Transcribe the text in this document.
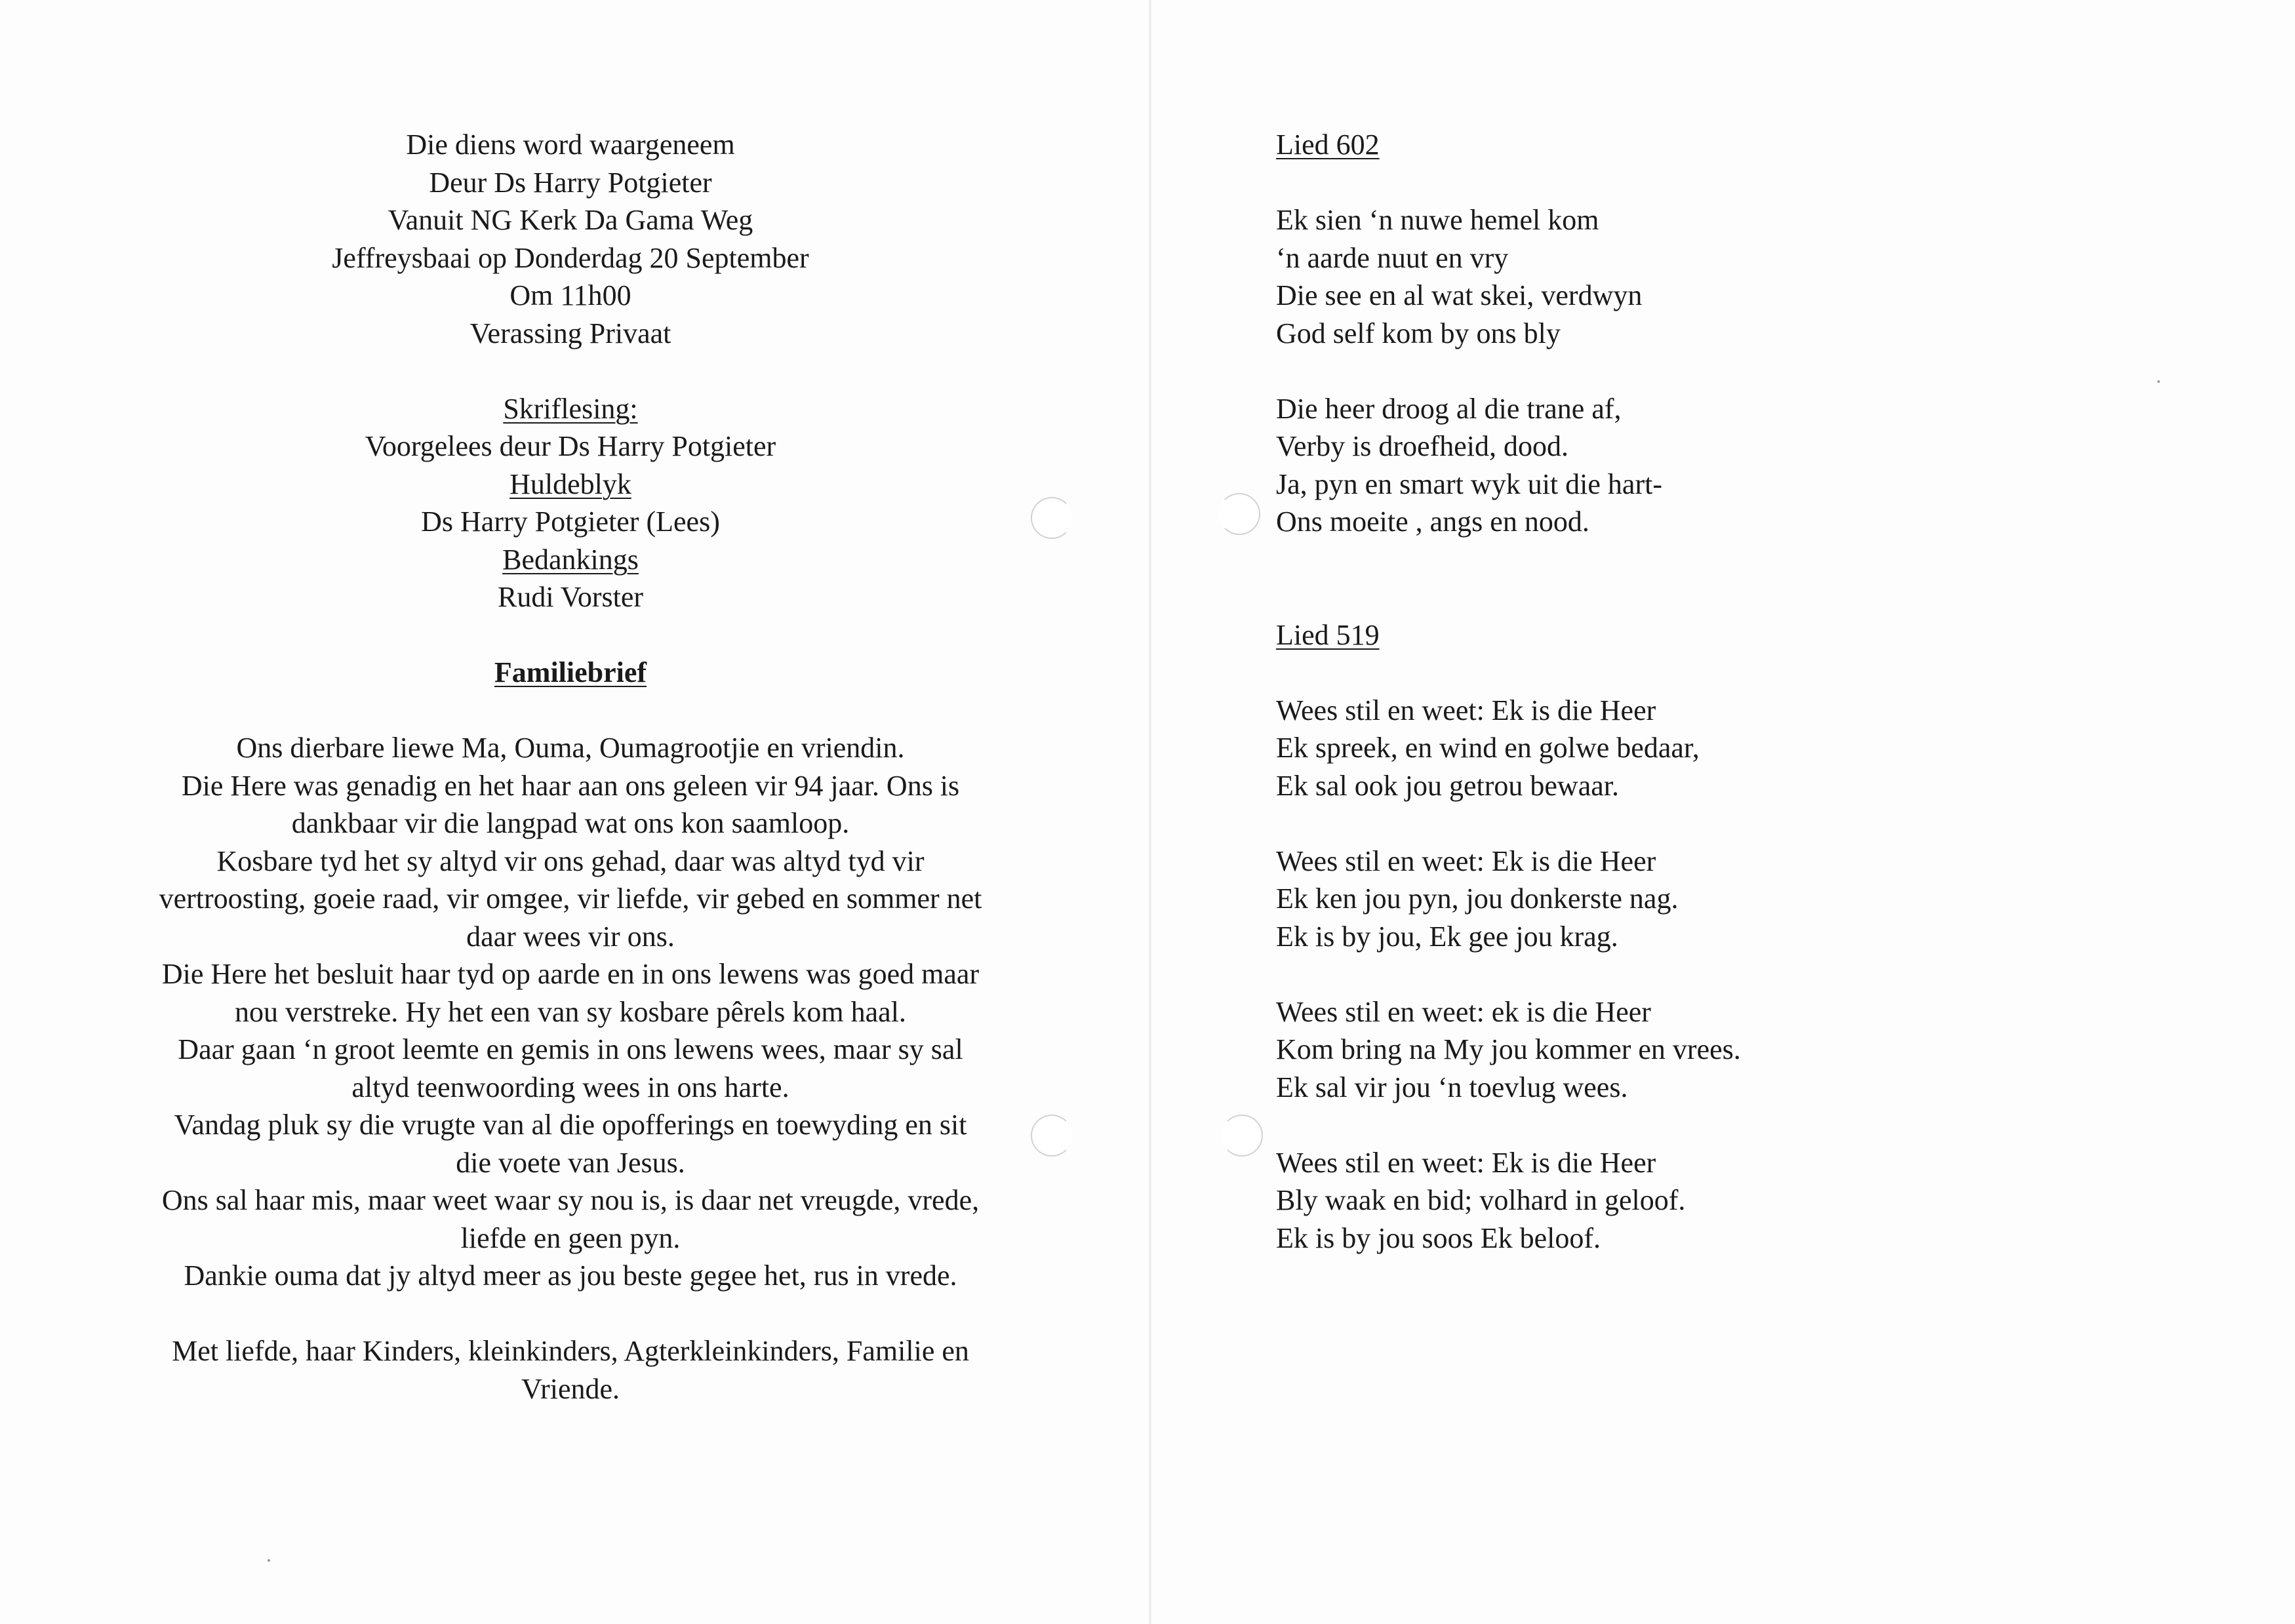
Die diens word waargeneem

Deur Ds Harry Potgieter

Vanuit NG Kerk Da Gama Weg

Jeffreysbaai op Donderdag 20 September

Om 11h00

Verassing Privaat

Skriflesing:

Voorgelees deur Ds Harry Potgieter

Huldeblyk

Ds Harry Potgieter (Lees)

Bedankings

Rudi Vorster

Familiebrief

Ons dierbare liewe Ma, Ouma, Oumagrootjie en vriendin.

Die Here was genadig en het haar aan ons geleen vir 94 jaar. Ons is

dankbaar vir die langpad wat ons kon saamloop.

Kosbare tyd het sy altyd vir ons gehad, daar was altyd tyd vir

vertroosting, goeie raad, vir omgee, vir liefde, vir gebed en sommer net

daar wees vir ons.

Die Here het besluit haar tyd op aarde en in ons lewens was goed maar

nou verstreke. Hy het een van sy kosbare pêrels kom haal.

Daar gaan ‘n groot leemte en gemis in ons lewens wees, maar sy sal

altyd teenwoording wees in ons harte.

Vandag pluk sy die vrugte van al die opofferings en toewyding en sit

die voete van Jesus.

Ons sal haar mis, maar weet waar sy nou is, is daar net vreugde, vrede,

liefde en geen pyn.

Dankie ouma dat jy altyd meer as jou beste gegee het, rus in vrede.

Met liefde, haar Kinders, kleinkinders, Agterkleinkinders, Familie en

Vriende.

Lied 602

Ek sien ‘n nuwe hemel kom

‘n aarde nuut en vry

Die see en al wat skei, verdwyn

God self kom by ons bly

Die heer droog al die trane af,

Verby is droefheid, dood.

Ja, pyn en smart wyk uit die hart-

Ons moeite , angs en nood.

Lied 519

Wees stil en weet: Ek is die Heer

Ek spreek, en wind en golwe bedaar,

Ek sal ook jou getrou bewaar.

Wees stil en weet: Ek is die Heer

Ek ken jou pyn, jou donkerste nag.

Ek is by jou, Ek gee jou krag.

Wees stil en weet: ek is die Heer

Kom bring na My jou kommer en vrees.

Ek sal vir jou ‘n toevlug wees.

Wees stil en weet: Ek is die Heer

Bly waak en bid; volhard in geloof.

Ek is by jou soos Ek beloof.
